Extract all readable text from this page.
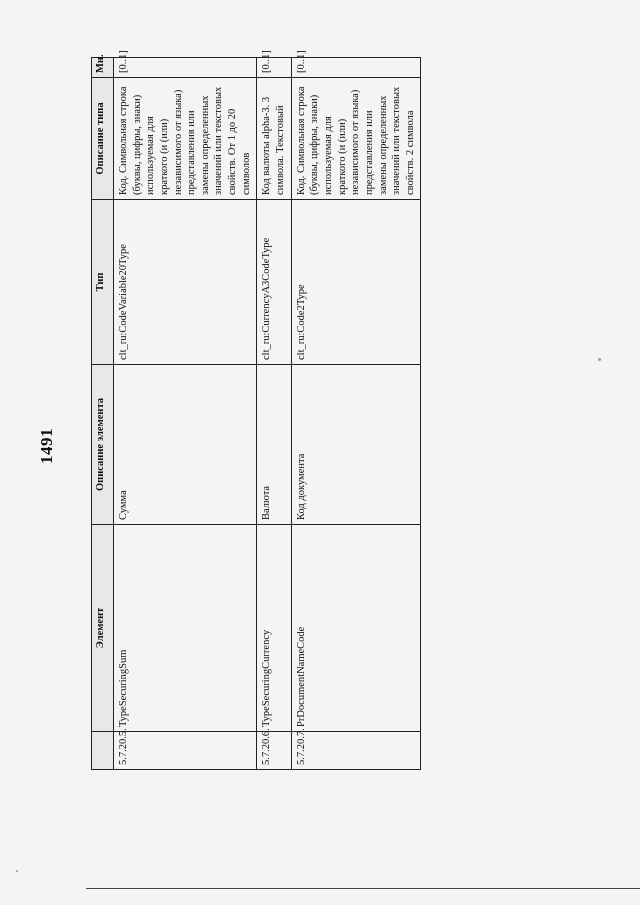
1491
	Элемент	Описание элемента	Тип	Описание типа	Мн.
5.7.20.5.	TypeSecuringSum	Сумма	clt_ru:CodeVariable20Type	Код. Символьная строка (буквы, цифры, знаки) используемая для краткого (и (или) независимого от языка) представления или замены определенных значений или текстовых свойств. От 1 до 20 символов	[0..1]
5.7.20.6.	TypeSecuringCurrency	Валюта	clt_ru:CurrencyA3CodeType	Код валюты alpha-3. 3 символа. Текстовый	[0..1]
5.7.20.7.	PrDocumentNameCode	Код документа	clt_ru:Code2Type	Код. Символьная строка (буквы, цифры, знаки) используемая для краткого (и (или) независимого от языка) представления или замены определенных значений или текстовых свойств. 2 символа	[0..1]
